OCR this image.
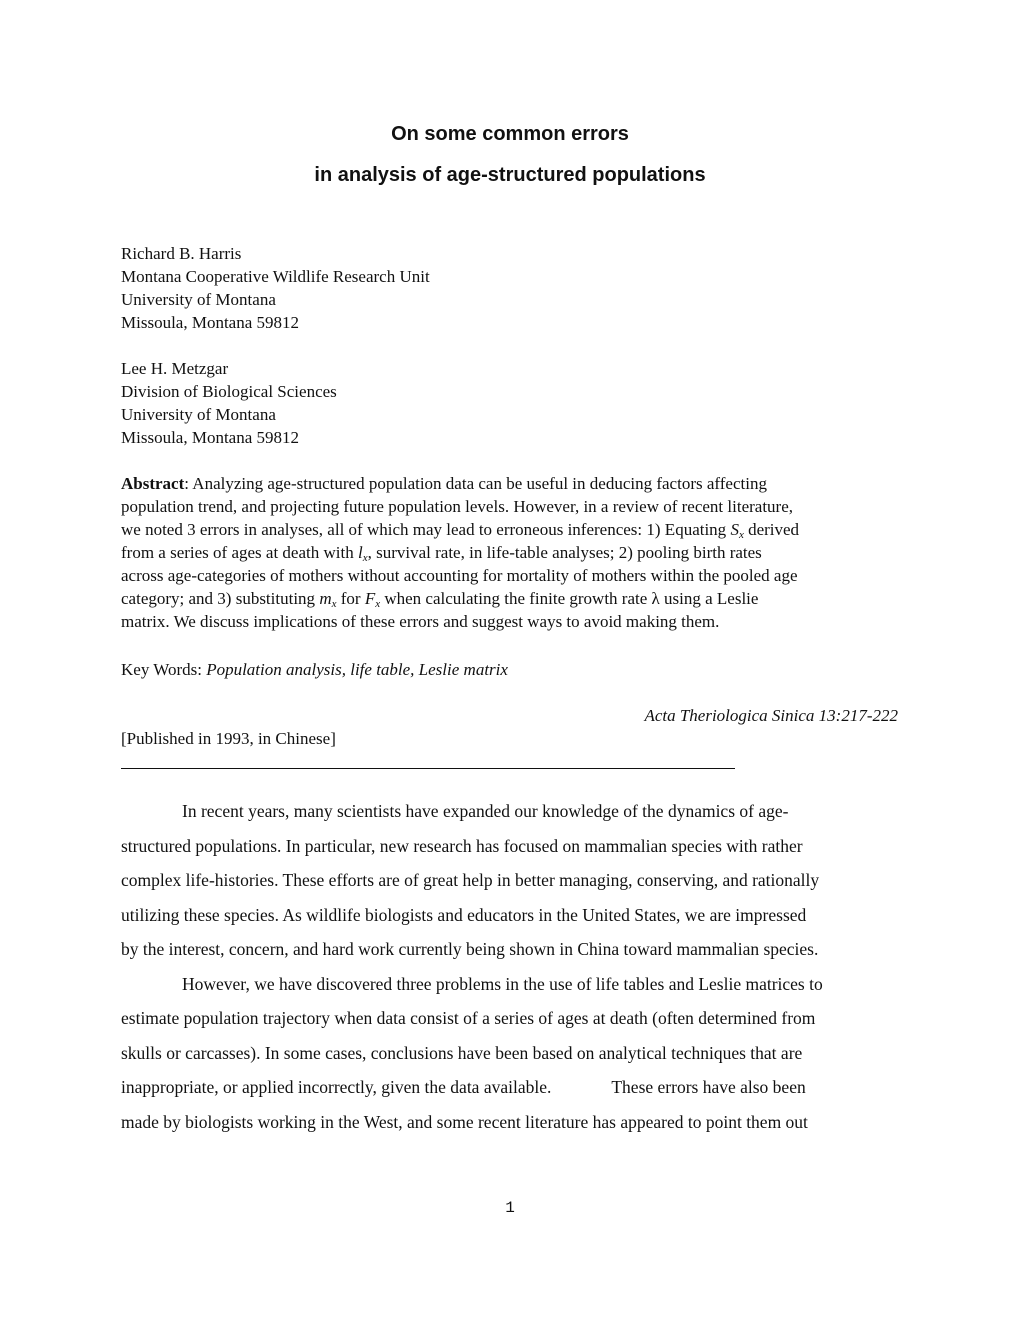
On some common errors
in analysis of age-structured populations
Richard B. Harris
Montana Cooperative Wildlife Research Unit
University of Montana
Missoula, Montana 59812
Lee H. Metzgar
Division of Biological Sciences
University of Montana
Missoula, Montana 59812
Abstract: Analyzing age-structured population data can be useful in deducing factors affecting
population trend, and projecting future population levels. However, in a review of recent literature,
we noted 3 errors in analyses, all of which may lead to erroneous inferences: 1) Equating $S_x$ derived
from a series of ages at death with $l_x$, survival rate, in life-table analyses; 2) pooling birth rates
across age-categories of mothers without accounting for mortality of mothers within the pooled age
category; and 3) substituting $m_x$ for $F_x$ when calculating the finite growth rate λ using a Leslie
matrix. We discuss implications of these errors and suggest ways to avoid making them.
Key Words: Population analysis, life table, Leslie matrix
Acta Theriologica Sinica 13:217-222
[Published in 1993, in Chinese]
In recent years, many scientists have expanded our knowledge of the dynamics of age-
structured populations. In particular, new research has focused on mammalian species with rather
complex life-histories. These efforts are of great help in better managing, conserving, and rationally
utilizing these species. As wildlife biologists and educators in the United States, we are impressed
by the interest, concern, and hard work currently being shown in China toward mammalian species.
However, we have discovered three problems in the use of life tables and Leslie matrices to
estimate population trajectory when data consist of a series of ages at death (often determined from
skulls or carcasses). In some cases, conclusions have been based on analytical techniques that are
inappropriate, or applied incorrectly, given the data available.	These errors have also been
made by biologists working in the West, and some recent literature has appeared to point them out
1
